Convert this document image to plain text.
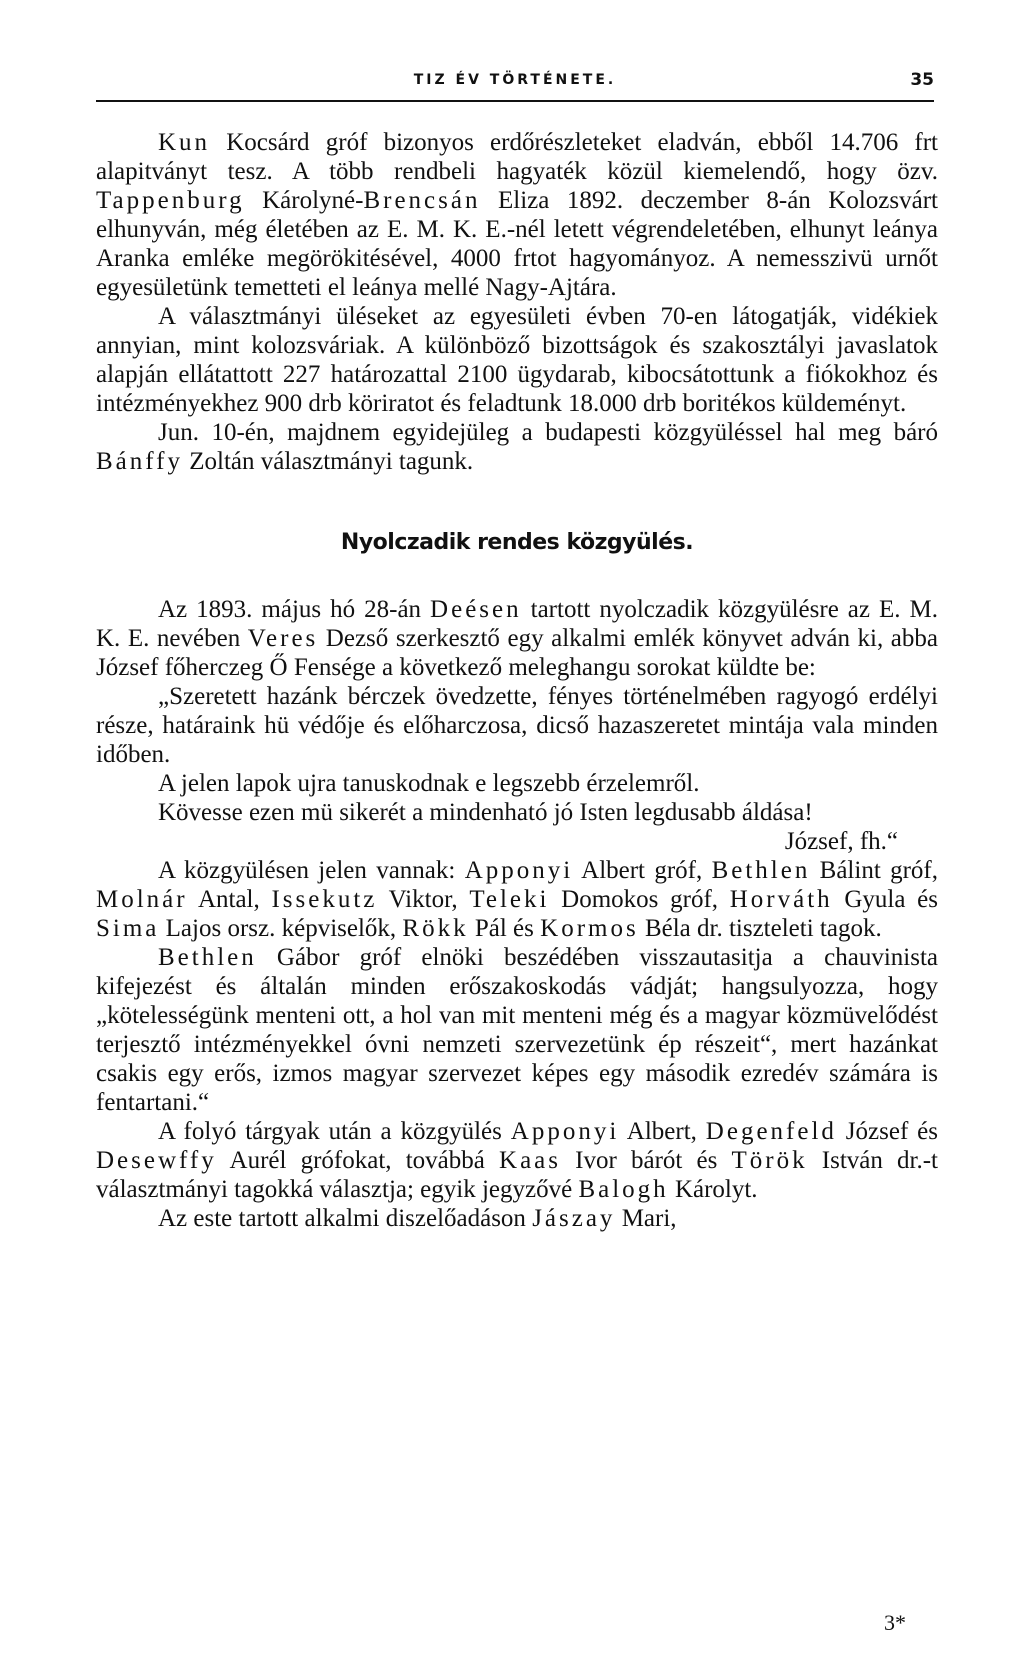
TIZ ÉV TÖRTÉNETE.	35

Kun Kocsárd gróf bizonyos erdőrészleteket eladván, ebből 14.706 frt alapitványt tesz. A több rendbeli hagyaték közül kiemelendő, hogy özv. Tappenburg Károlyné-Brencsán Eliza 1892. deczember 8-án Kolozsvárt elhunyván, még életében az E. M. K. E.-nél letett végrendeletében, elhunyt leánya Aranka emléke megörökitésével, 4000 frtot hagyományoz. A nemesszivü urnőt egyesületünk temetteti el leánya mellé Nagy-Ajtára.

A választmányi üléseket az egyesületi évben 70-en látogatják, vidékiek annyian, mint kolozsváriak. A különböző bizottságok és szakosztályi javaslatok alapján ellátattott 227 határozattal 2100 ügydarab, kibocsátottunk a fiókokhoz és intézményekhez 900 drb köriratot és feladtunk 18.000 drb boritékos küldeményt.

Jun. 10-én, majdnem egyidejüleg a budapesti közgyüléssel hal meg báró Bánffy Zoltán választmányi tagunk.

Nyolczadik rendes közgyülés.

Az 1893. május hó 28-án Deésen tartott nyolczadik közgyülésre az E. M. K. E. nevében Veres Dezső szerkesztő egy alkalmi emlék könyvet adván ki, abba József főherczeg Ő Fensége a következő meleghangu sorokat küldte be:

„Szeretett hazánk bérczek övedzette, fényes történelmében ragyogó erdélyi része, határaink hü védője és előharczosa, dicső hazaszeretet mintája vala minden időben.

A jelen lapok ujra tanuskodnak e legszebb érzelemről.

Kövesse ezen mü sikerét a mindenható jó Isten legdusabb áldása!

József, fh.“

A közgyülésen jelen vannak: Apponyi Albert gróf, Bethlen Bálint gróf, Molnár Antal, Issekutz Viktor, Teleki Domokos gróf, Horváth Gyula és Sima Lajos orsz. képviselők, Rökk Pál és Kormos Béla dr. tiszteleti tagok.

Bethlen Gábor gróf elnöki beszédében visszautasitja a chauvinista kifejezést és általán minden erőszakoskodás vádját; hangsulyozza, hogy „kötelességünk menteni ott, a hol van mit menteni még és a magyar közmüvelődést terjesztő intézményekkel óvni nemzeti szervezetünk ép részeit“, mert hazánkat csakis egy erős, izmos magyar szervezet képes egy második ezredév számára is fentartani.“

A folyó tárgyak után a közgyülés Apponyi Albert, Degenfeld József és Desewffy Aurél grófokat, továbbá Kaas Ivor bárót és Török István dr.-t választmányi tagokká választja; egyik jegyzővé Balogh Károlyt.

Az este tartott alkalmi diszelőadáson Jászay Mari,

3*
